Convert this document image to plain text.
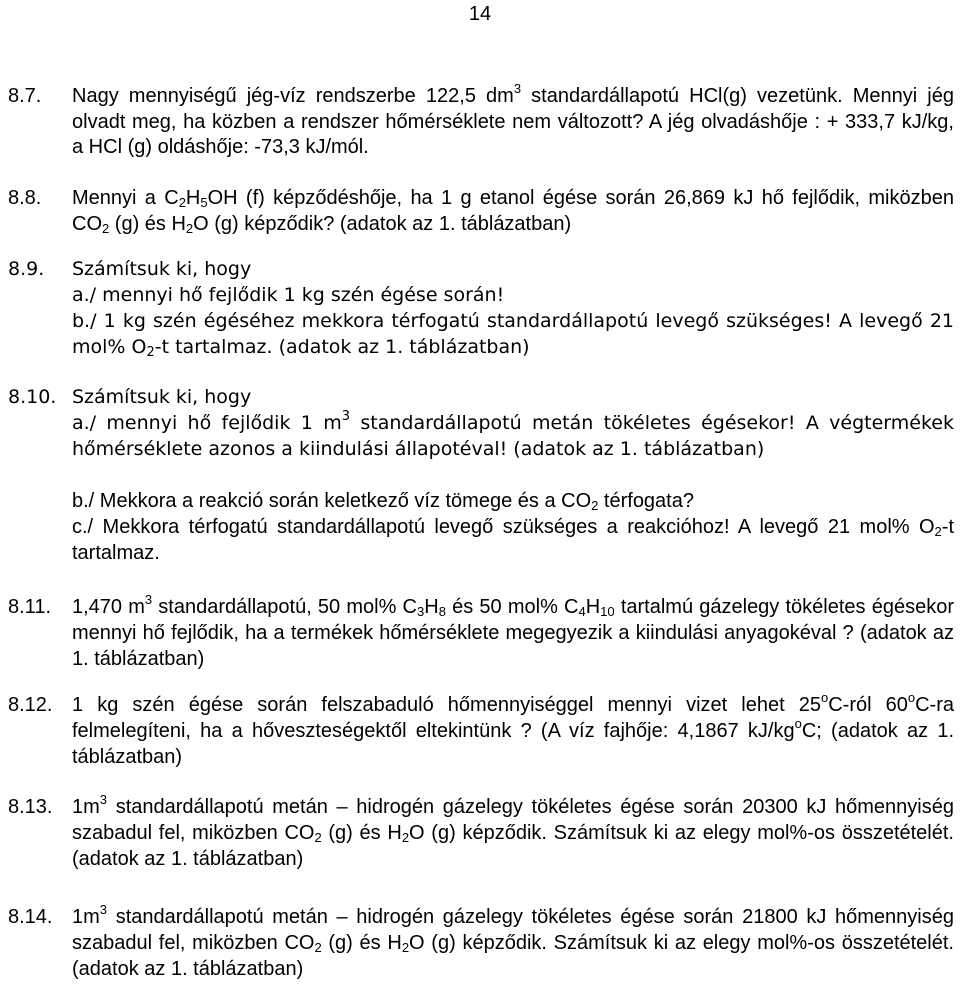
14
8.7. Nagy mennyiségű jég-víz rendszerbe 122,5 $dm^3$ standardállapotú HCl(g) vezetünk. Mennyi jég olvadt meg, ha közben a rendszer hőmérséklete nem változott? A jég olvadáshője : + 333,7 kJ/kg, a HCl (g) oldáshője: -73,3 kJ/mól.
8.8. Mennyi a $C_2H_5OH$ (f) képződéshője, ha 1 g etanol égése során 26,869 kJ hő fejlődik, miközben $CO_2$ (g) és $H_2O$ (g) képződik? (adatok az 1. táblázatban)
8.9. Számítsuk ki, hogy
a./ mennyi hő fejlődik 1 kg szén égése során!
b./ 1 kg szén égéséhez mekkora térfogatú standardállapotú levegő szükséges! A levegő 21 mol% $O_2-t$ tartalmaz. (adatok az 1. táblázatban)
8.10. Számítsuk ki, hogy
a./ mennyi hő fejlődik 1 $m^3$ standardállapotú metán tökéletes égésekor! A végtermékek hőmérséklete azonos a kiindulási állapotéval! (adatok az 1. táblázatban)
b./ Mekkora a reakció során keletkező víz tömege és a $CO_2$ térfogata?
c./ Mekkora térfogatú standardállapotú levegő szükséges a reakcióhoz! A levegő 21 mol% $O_2-t$ tartalmaz.
8.11. 1,470 $m^3$ standardállapotú, 50 mol% $C_3H_8$ és 50 mol% $C_4H_{10}$ tartalmú gázelegy tökéletes égésekor mennyi hő fejlődik, ha a termékek hőmérséklete megegyezik a kiindulási anyagokéval ? (adatok az 1. táblázatban)
8.12. 1 kg szén égése során felszabaduló hőmennyiséggel mennyi vizet lehet 25$^o$C-ról 60$^o$C-ra felmelegíteni, ha a hőveszteségektől eltekintünk ? (A víz fajhője: 4,1867 $kJ/kg^oC$; (adatok az 1. táblázatban)
8.13. $1m^3$ standardállapotú metán – hidrogén gázelegy tökéletes égése során 20300 kJ hőmennyiség szabadul fel, miközben $CO_2$ (g) és $H_2O$ (g) képződik. Számítsuk ki az elegy mol%-os összetételét. (adatok az 1. táblázatban)
8.14. $1m^3$ standardállapotú metán – hidrogén gázelegy tökéletes égése során 21800 kJ hőmennyiség szabadul fel, miközben $CO_2$ (g) és $H_2O$ (g) képződik. Számítsuk ki az elegy mol%-os összetételét. (adatok az 1. táblázatban)
